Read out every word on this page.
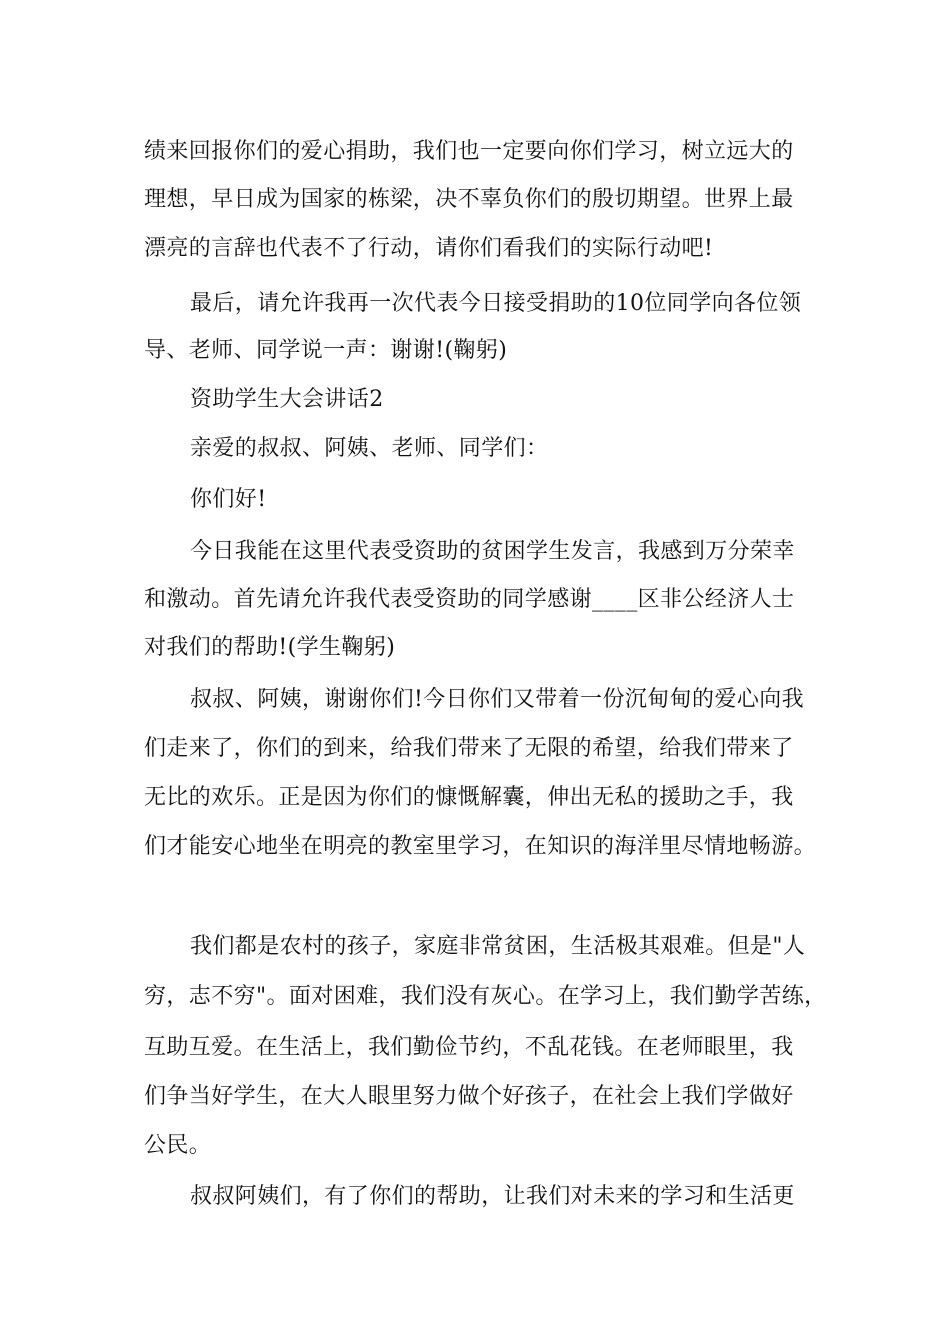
绩来回报你们的爱心捐助，我们也一定要向你们学习，树立远大的
理想，早日成为国家的栋梁，决不辜负你们的殷切期望。世界上最
漂亮的言辞也代表不了行动，请你们看我们的实际行动吧!
最后，请允许我再一次代表今日接受捐助的10位同学向各位领
导、老师、同学说一声：谢谢!(鞠躬)
资助学生大会讲话2
亲爱的叔叔、阿姨、老师、同学们：
你们好!
今日我能在这里代表受资助的贫困学生发言，我感到万分荣幸
和激动。首先请允许我代表受资助的同学感谢____区非公经济人士
对我们的帮助!(学生鞠躬)
叔叔、阿姨，谢谢你们!今日你们又带着一份沉甸甸的爱心向我
们走来了，你们的到来，给我们带来了无限的希望，给我们带来了
无比的欢乐。正是因为你们的慷慨解囊，伸出无私的援助之手，我
们才能安心地坐在明亮的教室里学习，在知识的海洋里尽情地畅游。
我们都是农村的孩子，家庭非常贫困，生活极其艰难。但是"人
穷，志不穷"。面对困难，我们没有灰心。在学习上，我们勤学苦练，
互助互爱。在生活上，我们勤俭节约，不乱花钱。在老师眼里，我
们争当好学生，在大人眼里努力做个好孩子，在社会上我们学做好
公民。
叔叔阿姨们，有了你们的帮助，让我们对未来的学习和生活更
